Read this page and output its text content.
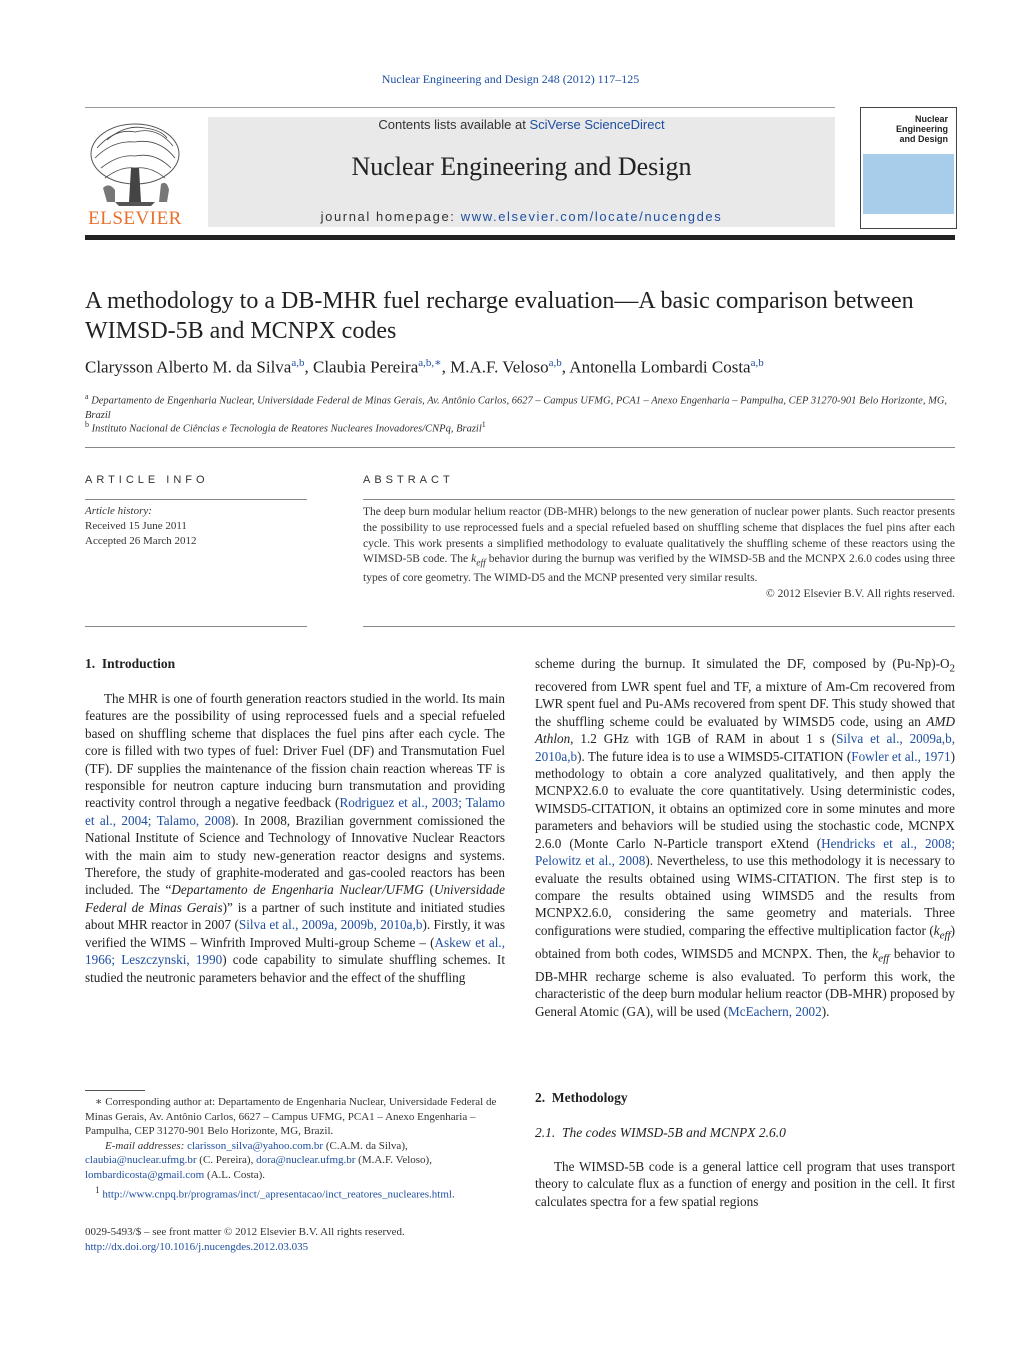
Nuclear Engineering and Design 248 (2012) 117–125
ELSEVIER
Contents lists available at SciVerse ScienceDirect
Nuclear Engineering and Design
journal homepage: www.elsevier.com/locate/nucengdes
Nuclear Engineering
and Design
A methodology to a DB-MHR fuel recharge evaluation—A basic comparison between WIMSD-5B and MCNPX codes
Clarysson Alberto M. da Silva$^{a,b}$, Claubia Pereira$^{a,b,∗}$, M.A.F. Veloso$^{a,b}$, Antonella Lombardi Costa$^{a,b}$
$^a$ Departamento de Engenharia Nuclear, Universidade Federal de Minas Gerais, Av. Antônio Carlos, 6627 – Campus UFMG, PCA1 – Anexo Engenharia – Pampulha, CEP 31270-901 Belo Horizonte, MG, Brazil
$^b$ Instituto Nacional de Ciências e Tecnologia de Reatores Nucleares Inovadores/CNPq, Brazil$^1$
ARTICLE INFO
Article history:
Received 15 June 2011
Accepted 26 March 2012
ABSTRACT

The deep burn modular helium reactor (DB-MHR) belongs to the new generation of nuclear power plants. Such reactor presents the possibility to use reprocessed fuels and a special refueled based on shuffling scheme that displaces the fuel pins after each cycle. This work presents a simplified methodology to evaluate qualitatively the shuffling scheme of these reactors using the WIMSD-5B code. The $k_{eff}$ behavior during the burnup was verified by the WIMSD-5B and the MCNPX 2.6.0 codes using three types of core geometry. The WIMD-D5 and the MCNP presented very similar results.

© 2012 Elsevier B.V. All rights reserved.

1. Introduction
The MHR is one of fourth generation reactors studied in the world. Its main features are the possibility of using reprocessed fuels and a special refueled based on shuffling scheme that displaces the fuel pins after each cycle. The core is filled with two types of fuel: Driver Fuel (DF) and Transmutation Fuel (TF). DF supplies the maintenance of the fission chain reaction whereas TF is responsible for neutron capture inducing burn transmutation and providing reactivity control through a negative feedback (Rodriguez et al., 2003; Talamo et al., 2004; Talamo, 2008). In 2008, Brazilian government comissioned the National Institute of Science and Technology of Innovative Nuclear Reactors with the main aim to study new-generation reactor designs and systems. Therefore, the study of graphite-moderated and gas-cooled reactors has been included. The “Departamento de Engenharia Nuclear/UFMG (Universidade Federal de Minas Gerais)” is a partner of such institute and initiated studies about MHR reactor in 2007 (Silva et al., 2009a, 2009b, 2010a,b). Firstly, it was verified the WIMS – Winfrith Improved Multi-group Scheme – (Askew et al., 1966; Leszczynski, 1990) code capability to simulate shuffling schemes. It studied the neutronic parameters behavior and the effect of the shuffling
scheme during the burnup. It simulated the DF, composed by $(Pu-Np)-O_2$ recovered from LWR spent fuel and TF, a mixture of Am-Cm recovered from LWR spent fuel and Pu-AMs recovered from spent DF. This study showed that the shuffling scheme could be evaluated by WIMSD5 code, using an AMD Athlon, 1.2 GHz with 1GB of RAM in about 1 s (Silva et al., 2009a,b, 2010a,b). The future idea is to use a WIMSD5-CITATION (Fowler et al., 1971) methodology to obtain a core analyzed qualitatively, and then apply the MCNPX2.6.0 to evaluate the core quantitatively. Using deterministic codes, WIMSD5-CITATION, it obtains an optimized core in some minutes and more parameters and behaviors will be studied using the stochastic code, MCNPX 2.6.0 (Monte Carlo N-Particle transport eXtend (Hendricks et al., 2008; Pelowitz et al., 2008). Nevertheless, to use this methodology it is necessary to evaluate the results obtained using WIMS-CITATION. The first step is to compare the results obtained using WIMSD5 and the results from MCNPX2.6.0, considering the same geometry and materials. Three configurations were studied, comparing the effective multiplication factor $(k_{eff})$ obtained from both codes, WIMSD5 and MCNPX. Then, the $k_{eff}$ behavior to DB-MHR recharge scheme is also evaluated. To perform this work, the characteristic of the deep burn modular helium reactor (DB-MHR) proposed by General Atomic (GA), will be used (McEachern, 2002).
2. Methodology
2.1. The codes WIMSD-5B and MCNPX 2.6.0
The WIMSD-5B code is a general lattice cell program that uses transport theory to calculate flux as a function of energy and position in the cell. It first calculates spectra for a few spatial regions

∗ Corresponding author at: Departamento de Engenharia Nuclear, Universidade Federal de Minas Gerais, Av. Antônio Carlos, 6627 – Campus UFMG, PCA1 – Anexo Engenharia – Pampulha, CEP 31270-901 Belo Horizonte, MG, Brazil.

E-mail addresses: clarisson_silva@yahoo.com.br (C.A.M. da Silva), claubia@nuclear.ufmg.br (C. Pereira), dora@nuclear.ufmg.br (M.A.F. Veloso), lombardicosta@gmail.com (A.L. Costa).

$^1$ http://www.cnpq.br/programas/inct/_apresentacao/inct_reatores_nucleares.html.

0029-5493/$ – see front matter © 2012 Elsevier B.V. All rights reserved.
http://dx.doi.org/10.1016/j.nucengdes.2012.03.035
